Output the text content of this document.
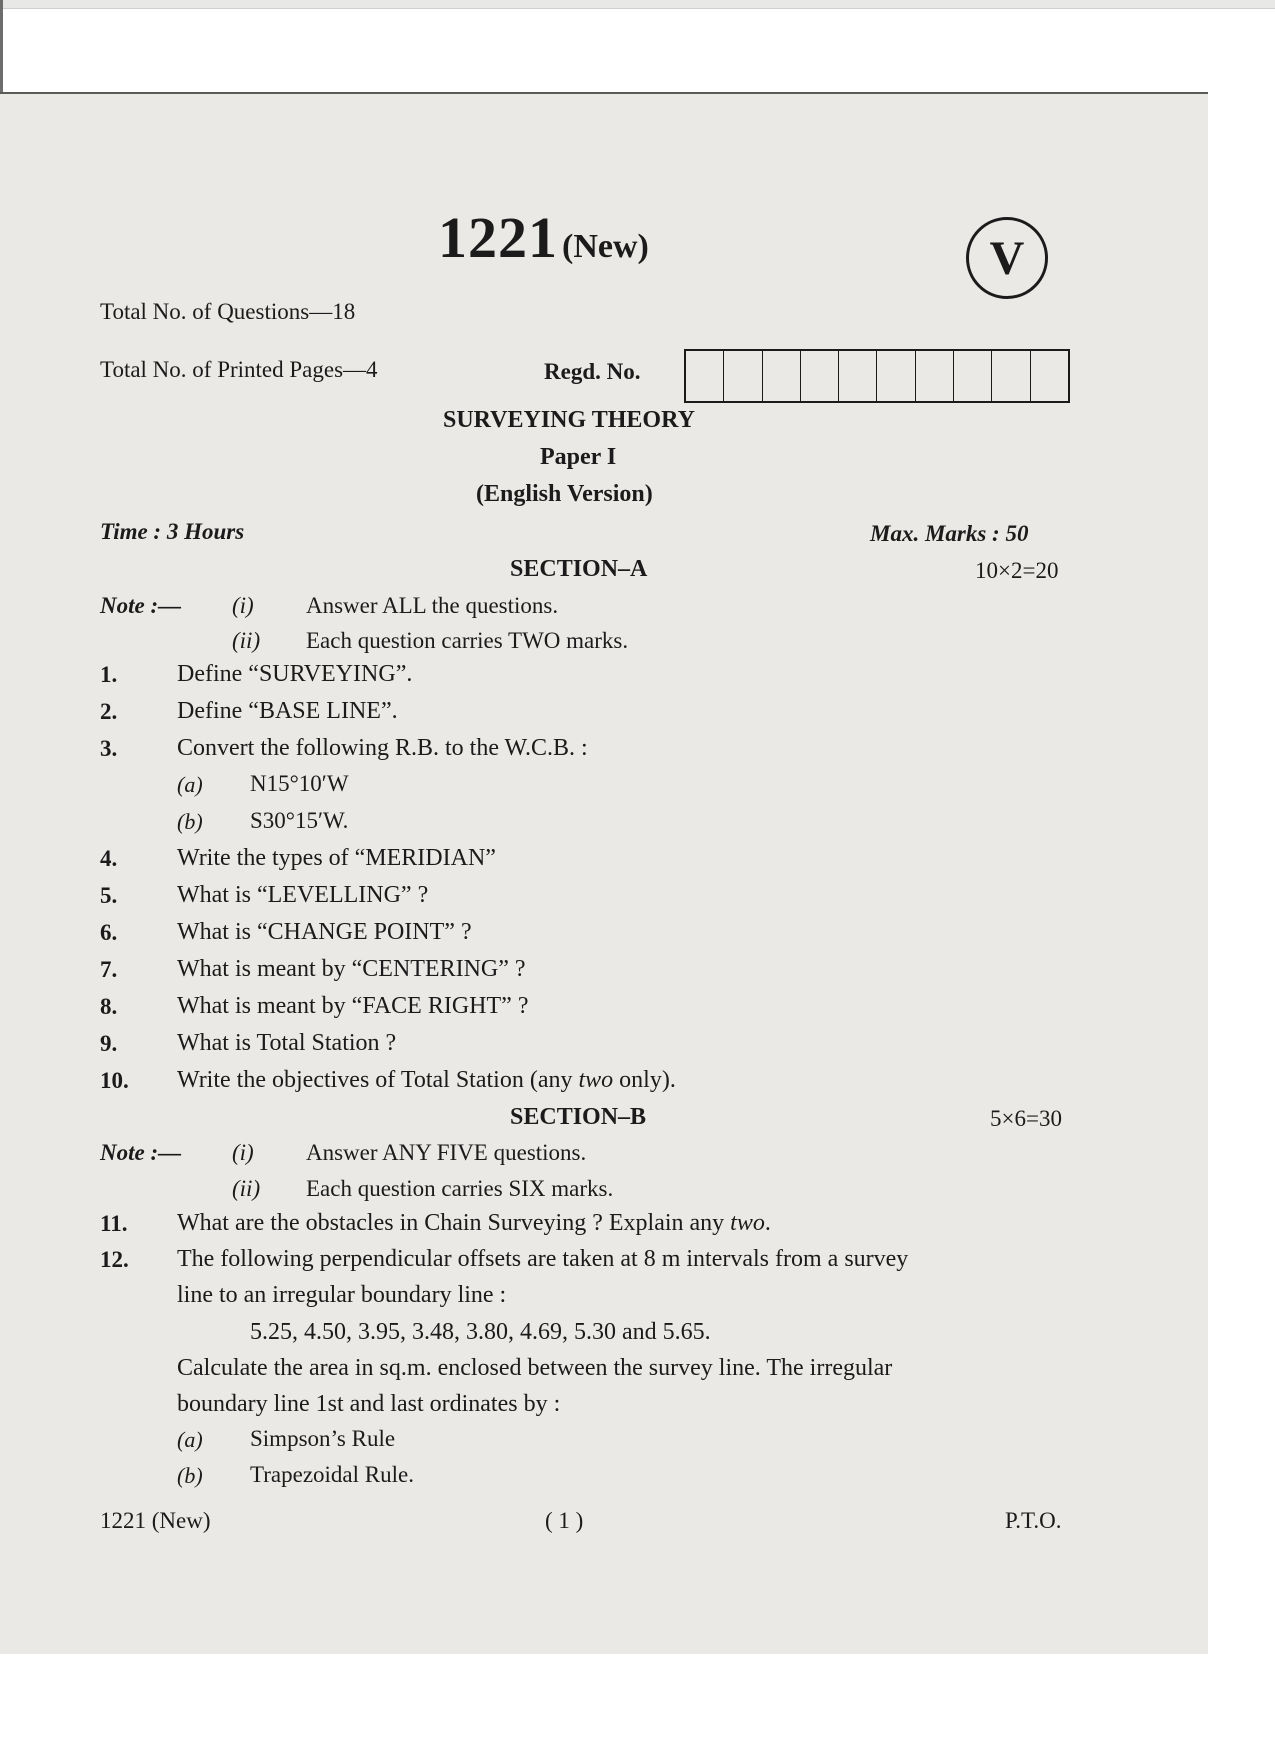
1221 (New)	V
Total No. of Questions—18
Total No. of Printed Pages—4	Regd. No.
SURVEYING THEORY
Paper I
(English Version)
Time : 3 Hours	Max. Marks : 50
SECTION–A	10×2=20
Note :— (i) Answer ALL the questions.
(ii) Each question carries TWO marks.
1. Define “SURVEYING”.
2. Define “BASE LINE”.
3. Convert the following R.B. to the W.C.B. :
(a) N15°10′W
(b) S30°15′W.
4. Write the types of “MERIDIAN”
5. What is “LEVELLING” ?
6. What is “CHANGE POINT” ?
7. What is meant by “CENTERING” ?
8. What is meant by “FACE RIGHT” ?
9. What is Total Station ?
10. Write the objectives of Total Station (any two only).
SECTION–B	5×6=30
Note :— (i) Answer ANY FIVE questions.
(ii) Each question carries SIX marks.
11. What are the obstacles in Chain Surveying ? Explain any two.
12. The following perpendicular offsets are taken at 8 m intervals from a survey
line to an irregular boundary line :
5.25, 4.50, 3.95, 3.48, 3.80, 4.69, 5.30 and 5.65.
Calculate the area in sq.m. enclosed between the survey line. The irregular
boundary line 1st and last ordinates by :
(a) Simpson’s Rule
(b) Trapezoidal Rule.
1221 (New)	( 1 )	P.T.O.
